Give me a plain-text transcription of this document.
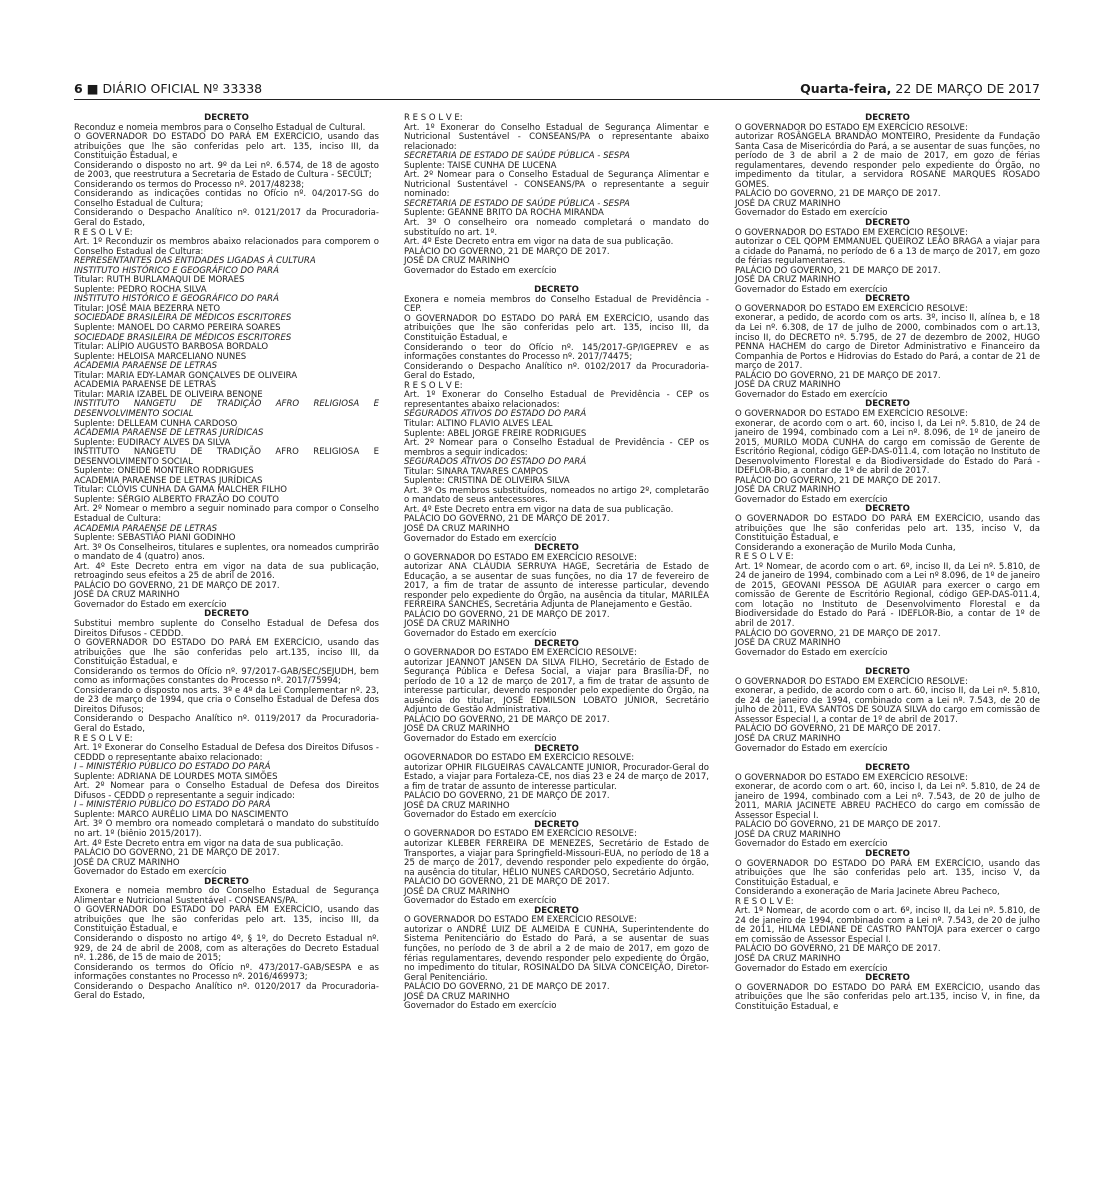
6 ■ DIÁRIO OFICIAL Nº 33338	Quarta-feira, 22 DE MARÇO DE 2017

DECRETO

Reconduz e nomeia membros para o Conselho Estadual de Cultural.

O GOVERNADOR DO ESTADO DO PARÁ EM EXERCÍCIO, usando das atribuições que lhe são conferidas pelo art. 135, inciso III, da Constituição Estadual, e

Considerando o disposto no art. 9º da Lei nº. 6.574, de 18 de agosto de 2003, que reestrutura a Secretaria de Estado de Cultura - SECULT;

Considerando os termos do Processo nº. 2017/48238;

Considerando as indicações contidas no Ofício nº. 04/2017-SG do Conselho Estadual de Cultura;

Considerando o Despacho Analítico nº. 0121/2017 da Procuradoria-Geral do Estado,

R E S O L V E:

Art. 1º Reconduzir os membros abaixo relacionados para comporem o Conselho Estadual de Cultura:

REPRESENTANTES DAS ENTIDADES LIGADAS À CULTURA

INSTITUTO HISTÓRICO E GEOGRÁFICO DO PARÁ

Titular: RUTH BURLAMAQUI DE MORAES

Suplente: PEDRO ROCHA SILVA

INSTITUTO HISTÓRICO E GEOGRÁFICO DO PARÁ

Titular: JOSÉ MAIA BEZERRA NETO

SOCIEDADE BRASILEIRA DE MÉDICOS ESCRITORES

Suplente: MANOEL DO CARMO PEREIRA SOARES

SOCIEDADE BRASILEIRA DE MÉDICOS ESCRITORES

Titular: ALÍPIO AUGUSTO BARBOSA BORDALO

Suplente: HELOISA MARCELIANO NUNES

ACADEMIA PARAENSE DE LETRAS

Titular: MARIA EDY-LAMAR GONÇALVES DE OLIVEIRA

ACADEMIA PARAENSE DE LETRAS

Titular: MARIA IZABEL DE OLIVEIRA BENONE

INSTITUTO NANGETU DE TRADIÇÃO AFRO RELIGIOSA E DESENVOLVIMENTO SOCIAL

Suplente: DELLEAM CUNHA CARDOSO

ACADEMIA PARAENSE DE LETRAS JURÍDICAS

Suplente: EUDIRACY ALVES DA SILVA

INSTITUTO NANGETU DE TRADIÇÃO AFRO RELIGIOSA E DESENVOLVIMENTO SOCIAL

Suplente: ONEIDE MONTEIRO RODRIGUES

ACADEMIA PARAENSE DE LETRAS JURÍDICAS

Titular: CLÓVIS CUNHA DA GAMA MALCHER FILHO

Suplente: SÉRGIO ALBERTO FRAZÃO DO COUTO

Art. 2º Nomear o membro a seguir nominado para compor o Conselho Estadual de Cultura:

ACADEMIA PARAENSE DE LETRAS

Suplente: SEBASTIÃO PIANI GODINHO

Art. 3º Os Conselheiros, titulares e suplentes, ora nomeados cumprirão o mandato de 4 (quatro) anos.

Art. 4º Este Decreto entra em vigor na data de sua publicação, retroagindo seus efeitos a 25 de abril de 2016.

PALÁCIO DO GOVERNO, 21 DE MARÇO DE 2017.

JOSÉ DA CRUZ MARINHO

Governador do Estado em exercício

DECRETO

Substitui membro suplente do Conselho Estadual de Defesa dos Direitos Difusos - CEDDD.

O GOVERNADOR DO ESTADO DO PARÁ EM EXERCÍCIO, usando das atribuições que lhe são conferidas pelo art.135, inciso III, da Constituição Estadual, e

Considerando os termos do Ofício nº. 97/2017-GAB/SEC/SEJUDH, bem como as informações constantes do Processo nº. 2017/75994;

Considerando o disposto nos arts. 3º e 4º da Lei Complementar nº. 23, de 23 de março de 1994, que cria o Conselho Estadual de Defesa dos Direitos Difusos;

Considerando o Despacho Analítico nº. 0119/2017 da Procuradoria-Geral do Estado,

R E S O L V E:

Art. 1º Exonerar do Conselho Estadual de Defesa dos Direitos Difusos - CEDDD o representante abaixo relacionado:

I – MINISTÉRIO PÚBLICO DO ESTADO DO PARÁ

Suplente: ADRIANA DE LOURDES MOTA SIMÕES

Art. 2º Nomear para o Conselho Estadual de Defesa dos Direitos Difusos - CEDDD o representante a seguir indicado:

I – MINISTÉRIO PÚBLICO DO ESTADO DO PARÁ

Suplente: MARCO AURÉLIO LIMA DO NASCIMENTO

Art. 3º O membro ora nomeado completará o mandato do substituído no art. 1º (biênio 2015/2017).

Art. 4º Este Decreto entra em vigor na data de sua publicação.

PALÁCIO DO GOVERNO, 21 DE MARÇO DE 2017.

JOSÉ DA CRUZ MARINHO

Governador do Estado em exercício

DECRETO

Exonera e nomeia membro do Conselho Estadual de Segurança Alimentar e Nutricional Sustentável - CONSEANS/PA.

O GOVERNADOR DO ESTADO DO PARÁ EM EXERCÍCIO, usando das atribuições que lhe são conferidas pelo art. 135, inciso III, da Constituição Estadual, e

Considerando o disposto no artigo 4º, § 1º, do Decreto Estadual nº. 929, de 24 de abril de 2008, com as alterações do Decreto Estadual nº. 1.286, de 15 de maio de 2015;

Considerando os termos do Ofício nº. 473/2017-GAB/SESPA e as informações constantes no Processo nº. 2016/469973;

Considerando o Despacho Analítico nº. 0120/2017 da Procuradoria-Geral do Estado,

R E S O L V E:

Art. 1º Exonerar do Conselho Estadual de Segurança Alimentar e Nutricional Sustentável - CONSEANS/PA o representante abaixo relacionado:

SECRETARIA DE ESTADO DE SAÚDE PÚBLICA - SESPA

Suplente: TAISE CUNHA DE LUCENA

Art. 2º Nomear para o Conselho Estadual de Segurança Alimentar e Nutricional Sustentável - CONSEANS/PA o representante a seguir nominado:

SECRETARIA DE ESTADO DE SAÚDE PÚBLICA - SESPA

Suplente: GEANNE BRITO DA ROCHA MIRANDA

Art. 3º O conselheiro ora nomeado completará o mandato do substituído no art. 1º.

Art. 4º Este Decreto entra em vigor na data de sua publicação.

PALÁCIO DO GOVERNO, 21 DE MARÇO DE 2017.

JOSÉ DA CRUZ MARINHO

Governador do Estado em exercício

DECRETO

Exonera e nomeia membros do Conselho Estadual de Previdência - CEP.

O GOVERNADOR DO ESTADO DO PARÁ EM EXERCÍCIO, usando das atribuições que lhe são conferidas pelo art. 135, inciso III, da Constituição Estadual, e

Considerando o teor do Ofício nº. 145/2017-GP/IGEPREV e as informações constantes do Processo nº. 2017/74475;

Considerando o Despacho Analítico nº. 0102/2017 da Procuradoria-Geral do Estado,

R E S O L V E:

Art. 1º Exonerar do Conselho Estadual de Previdência - CEP os representantes abaixo relacionados:

SEGURADOS ATIVOS DO ESTADO DO PARÁ

Titular: ALTINO FLAVIO ALVES LEAL

Suplente: ABEL JORGE FREIRE RODRIGUES

Art. 2º Nomear para o Conselho Estadual de Previdência - CEP os membros a seguir indicados:

SEGURADOS ATIVOS DO ESTADO DO PARÁ

Titular: SINARA TAVARES CAMPOS

Suplente: CRISTINA DE OLIVEIRA SILVA

Art. 3º Os membros substituídos, nomeados no artigo 2º, completarão o mandato de seus antecessores.

Art. 4º Este Decreto entra em vigor na data de sua publicação.

PALÁCIO DO GOVERNO, 21 DE MARÇO DE 2017.

JOSÉ DA CRUZ MARINHO

Governador do Estado em exercício

DECRETO

O GOVERNADOR DO ESTADO EM EXERCÍCIO RESOLVE:

autorizar ANA CLÁUDIA SERRUYA HAGE, Secretária de Estado de Educação, a se ausentar de suas funções, no dia 17 de fevereiro de 2017, a fim de tratar de assunto de interesse particular, devendo responder pelo expediente do Órgão, na ausência da titular, MARILÉA FERREIRA SANCHES, Secretária Adjunta de Planejamento e Gestão.

PALÁCIO DO GOVERNO, 21 DE MARÇO DE 2017.

JOSÉ DA CRUZ MARINHO

Governador do Estado em exercício

DECRETO

O GOVERNADOR DO ESTADO EM EXERCÍCIO RESOLVE:

autorizar JEANNOT JANSEN DA SILVA FILHO, Secretário de Estado de Segurança Pública e Defesa Social, a viajar para Brasília-DF, no período de 10 a 12 de março de 2017, a fim de tratar de assunto de interesse particular, devendo responder pelo expediente do Órgão, na ausência do titular, JOSÉ EDMILSON LOBATO JÚNIOR, Secretário Adjunto de Gestão Administrativa.

PALÁCIO DO GOVERNO, 21 DE MARÇO DE 2017.

JOSÉ DA CRUZ MARINHO

Governador do Estado em exercício

DECRETO

OGOVERNADOR DO ESTADO EM EXERCÍCIO RESOLVE:

autorizar OPHIR FILGUEIRAS CAVALCANTE JUNIOR, Procurador-Geral do Estado, a viajar para Fortaleza-CE, nos dias 23 e 24 de março de 2017, a fim de tratar de assunto de interesse particular.

PALÁCIO DO GOVERNO, 21 DE MARÇO DE 2017.

JOSÉ DA CRUZ MARINHO

Governador do Estado em exercício

DECRETO

O GOVERNADOR DO ESTADO EM EXERCÍCIO RESOLVE:

autorizar KLEBER FERREIRA DE MENEZES, Secretário de Estado de Transportes, a viajar para Springfield-Missouri-EUA, no período de 18 a 25 de março de 2017, devendo responder pelo expediente do órgão, na ausência do titular, HÉLIO NUNES CARDOSO, Secretário Adjunto.

PALÁCIO DO GOVERNO, 21 DE MARÇO DE 2017.

JOSÉ DA CRUZ MARINHO

Governador do Estado em exercício

DECRETO

O GOVERNADOR DO ESTADO EM EXERCÍCIO RESOLVE:

autorizar o ANDRÉ LUIZ DE ALMEIDA E CUNHA, Superintendente do Sistema Penitenciário do Estado do Pará, a se ausentar de suas funções, no período de 3 de abril a 2 de maio de 2017, em gozo de férias regulamentares, devendo responder pelo expediente do Órgão, no impedimento do titular, ROSINALDO DA SILVA CONCEIÇÃO, Diretor-Geral Penitenciário.

PALÁCIO DO GOVERNO, 21 DE MARÇO DE 2017.

JOSÉ DA CRUZ MARINHO

Governador do Estado em exercício

DECRETO

O GOVERNADOR DO ESTADO EM EXERCÍCIO RESOLVE:

autorizar ROSÂNGELA BRANDÃO MONTEIRO, Presidente da Fundação Santa Casa de Misericórdia do Pará, a se ausentar de suas funções, no período de 3 de abril a 2 de maio de 2017, em gozo de férias regulamentares, devendo responder pelo expediente do Órgão, no impedimento da titular, a servidora ROSANE MARQUES ROSADO GOMES.

PALÁCIO DO GOVERNO, 21 DE MARÇO DE 2017.

JOSÉ DA CRUZ MARINHO

Governador do Estado em exercício

DECRETO

O GOVERNADOR DO ESTADO EM EXERCÍCIO RESOLVE:

autorizar o CEL QOPM EMMANUEL QUEIROZ LEÃO BRAGA a viajar para a cidade do Panamá, no período de 6 a 13 de março de 2017, em gozo de férias regulamentares.

PALÁCIO DO GOVERNO, 21 DE MARÇO DE 2017.

JOSÉ DA CRUZ MARINHO

Governador do Estado em exercício

DECRETO

O GOVERNADOR DO ESTADO EM EXERCÍCIO RESOLVE:

exonerar, a pedido, de acordo com os arts. 3º, inciso II, alínea b, e 18 da Lei nº. 6.308, de 17 de julho de 2000, combinados com o art.13, inciso II, do DECRETO nº. 5.795, de 27 de dezembro de 2002, HUGO PENNA HACHEM do cargo de Diretor Administrativo e Financeiro da Companhia de Portos e Hidrovias do Estado do Pará, a contar de 21 de março de 2017.

PALÁCIO DO GOVERNO, 21 DE MARÇO DE 2017.

JOSÉ DA CRUZ MARINHO

Governador do Estado em exercício

DECRETO

O GOVERNADOR DO ESTADO EM EXERCÍCIO RESOLVE:

exonerar, de acordo com o art. 60, inciso I, da Lei nº. 5.810, de 24 de janeiro de 1994, combinado com a Lei nº. 8.096, de 1º de janeiro de 2015, MURILO MODA CUNHA do cargo em comissão de Gerente de Escritório Regional, código GEP-DAS-011.4, com lotação no Instituto de Desenvolvimento Florestal e da Biodiversidade do Estado do Pará - IDEFLOR-Bio, a contar de 1º de abril de 2017.

PALÁCIO DO GOVERNO, 21 DE MARÇO DE 2017.

JOSÉ DA CRUZ MARINHO

Governador do Estado em exercício

DECRETO

O GOVERNADOR DO ESTADO DO PARÁ EM EXERCÍCIO, usando das atribuições que lhe são conferidas pelo art. 135, inciso V, da Constituição Estadual, e

Considerando a exoneração de Murilo Moda Cunha,

R E S O L V E:

Art. 1º Nomear, de acordo com o art. 6º, inciso II, da Lei nº. 5.810, de 24 de janeiro de 1994, combinado com a Lei nº 8.096, de 1º de janeiro de 2015, GEOVANI PESSOA DE AGUIAR para exercer o cargo em comissão de Gerente de Escritório Regional, código GEP-DAS-011.4, com lotação no Instituto de Desenvolvimento Florestal e da Biodiversidade do Estado do Pará - IDEFLOR-Bio, a contar de 1º de abril de 2017.

PALÁCIO DO GOVERNO, 21 DE MARÇO DE 2017.

JOSÉ DA CRUZ MARINHO

Governador do Estado em exercício

DECRETO

O GOVERNADOR DO ESTADO EM EXERCÍCIO RESOLVE:

exonerar, a pedido, de acordo com o art. 60, inciso II, da Lei nº. 5.810, de 24 de janeiro de 1994, combinado com a Lei nº. 7.543, de 20 de julho de 2011, EVA SANTOS DE SOUZA SILVA do cargo em comissão de Assessor Especial I, a contar de 1º de abril de 2017.

PALÁCIO DO GOVERNO, 21 DE MARÇO DE 2017.

JOSÉ DA CRUZ MARINHO

Governador do Estado em exercício

DECRETO

O GOVERNADOR DO ESTADO EM EXERCÍCIO RESOLVE:

exonerar, de acordo com o art. 60, inciso I, da Lei nº. 5.810, de 24 de janeiro de 1994, combinado com a Lei nº. 7.543, de 20 de julho de 2011, MARIA JACINETE ABREU PACHECO do cargo em comissão de Assessor Especial I.

PALÁCIO DO GOVERNO, 21 DE MARÇO DE 2017.

JOSÉ DA CRUZ MARINHO

Governador do Estado em exercício

DECRETO

O GOVERNADOR DO ESTADO DO PARÁ EM EXERCÍCIO, usando das atribuições que lhe são conferidas pelo art. 135, inciso V, da Constituição Estadual, e

Considerando a exoneração de Maria Jacinete Abreu Pacheco,

R E S O L V E:

Art. 1º Nomear, de acordo com o art. 6º, inciso II, da Lei nº. 5.810, de 24 de janeiro de 1994, combinado com a Lei nº. 7.543, de 20 de julho de 2011, HILMA LEDIANE DE CASTRO PANTOJA para exercer o cargo em comissão de Assessor Especial I.

PALÁCIO DO GOVERNO, 21 DE MARÇO DE 2017.

JOSÉ DA CRUZ MARINHO

Governador do Estado em exercício

DECRETO

O GOVERNADOR DO ESTADO DO PARÁ EM EXERCÍCIO, usando das atribuições que lhe são conferidas pelo art.135, inciso V, in fine, da Constituição Estadual, e
